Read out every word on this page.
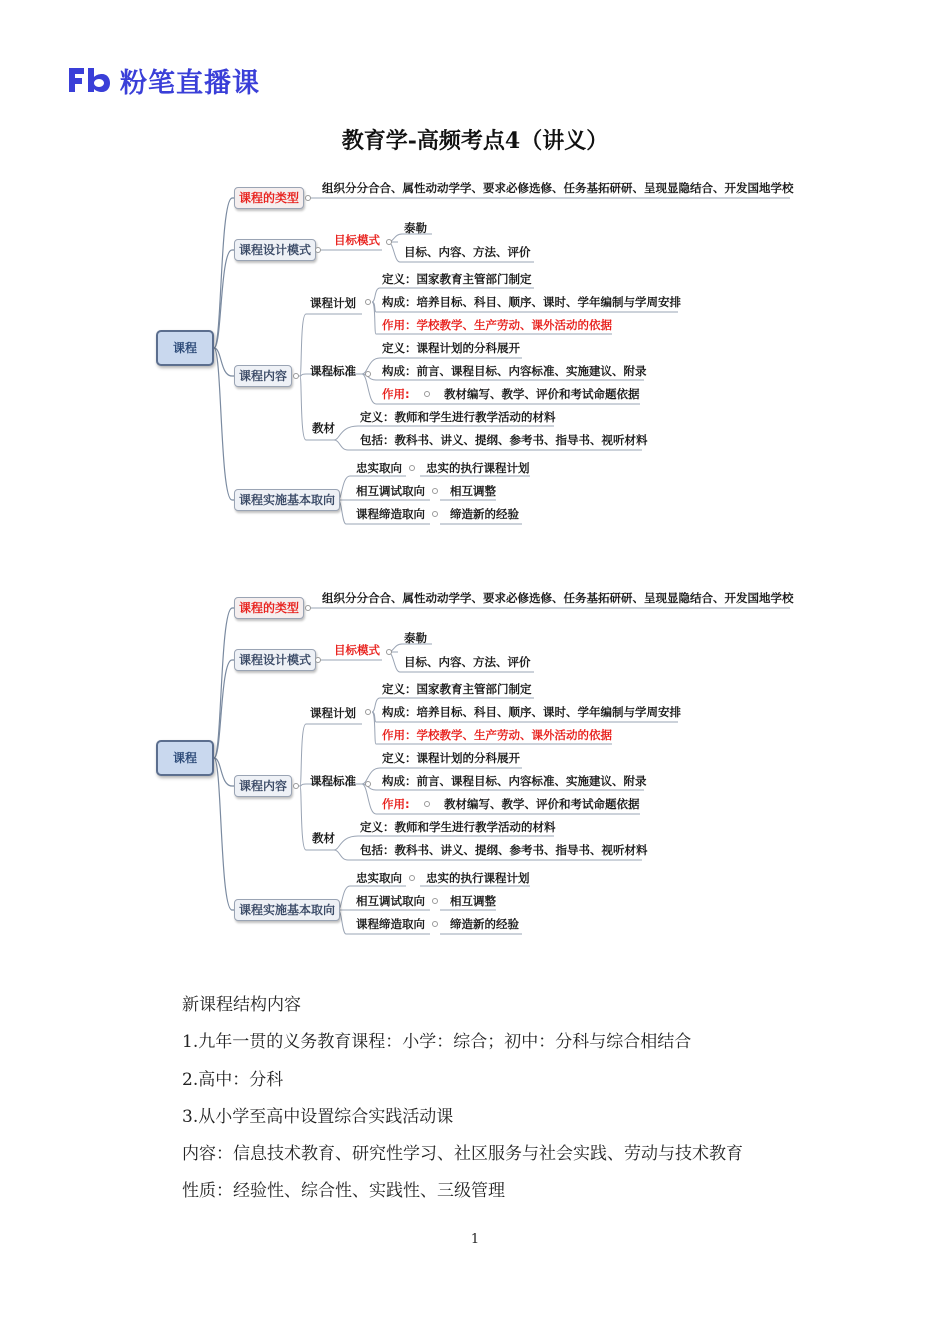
粉笔直播课
教育学-高频考点4（讲义）
课程
课程的类型
组织分分合合、属性动动学学、要求必修选修、任务基拓研研、呈现显隐结合、开发国地学校
课程设计模式
目标模式
泰勒
目标、内容、方法、评价
课程内容
课程计划
定义：国家教育主管部门制定
构成：培养目标、科目、顺序、课时、学年编制与学周安排
作用：学校教学、生产劳动、课外活动的依据
课程标准
定义：课程计划的分科展开
构成：前言、课程目标、内容标准、实施建议、附录
作用:	教材编写、教学、评价和考试命题依据
教材
定义：教师和学生进行教学活动的材料
包括：教科书、讲义、提纲、参考书、指导书、视听材料
课程实施基本取向
忠实取向 忠实的执行课程计划
相互调试取向 相互调整
课程缔造取向 缔造新的经验
课程
课程的类型
组织分分合合、属性动动学学、要求必修选修、任务基拓研研、呈现显隐结合、开发国地学校
课程设计模式
目标模式
泰勒
目标、内容、方法、评价
课程内容
课程计划
定义：国家教育主管部门制定
构成：培养目标、科目、顺序、课时、学年编制与学周安排
作用：学校教学、生产劳动、课外活动的依据
课程标准
定义：课程计划的分科展开
构成：前言、课程目标、内容标准、实施建议、附录
作用:	教材编写、教学、评价和考试命题依据
教材
定义：教师和学生进行教学活动的材料
包括：教科书、讲义、提纲、参考书、指导书、视听材料
课程实施基本取向
忠实取向 忠实的执行课程计划
相互调试取向 相互调整
课程缔造取向 缔造新的经验
新课程结构内容
1.九年一贯的义务教育课程：小学：综合；初中：分科与综合相结合
2.高中：分科
3.从小学至高中设置综合实践活动课
内容：信息技术教育、研究性学习、社区服务与社会实践、劳动与技术教育
性质：经验性、综合性、实践性、三级管理
1
